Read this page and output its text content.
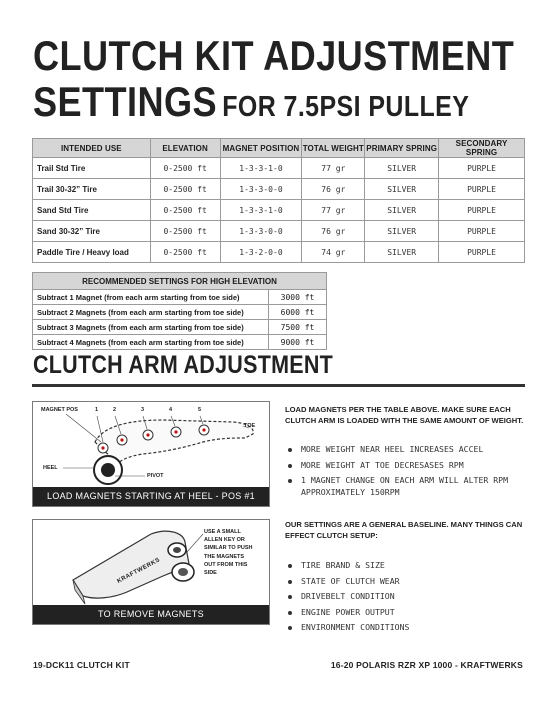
CLUTCH KIT ADJUSTMENT
SETTINGS FOR 7.5PSI PULLEY
INTENDED USE	ELEVATION	MAGNET POSITION	TOTAL WEIGHT	PRIMARY SPRING	SECONDARY SPRING
Trail Std Tire	0-2500 ft	1-3-3-1-0	77 gr	SILVER	PURPLE
Trail 30-32” Tire	0-2500 ft	1-3-3-0-0	76 gr	SILVER	PURPLE
Sand Std Tire	0-2500 ft	1-3-3-1-0	77 gr	SILVER	PURPLE
Sand 30-32” Tire	0-2500 ft	1-3-3-0-0	76 gr	SILVER	PURPLE
Paddle Tire / Heavy load	0-2500 ft	1-3-2-0-0	74 gr	SILVER	PURPLE
RECOMMENDED SETTINGS FOR HIGH ELEVATION	
Subtract 1 Magnet (from each arm starting from toe side)	3000 ft
Subtract 2 Magnets (from each arm starting from toe side)	6000 ft
Subtract 3 Magnets (from each arm starting from toe side)	7500 ft
Subtract 4 Magnets (from each arm starting from toe side)	9000 ft
CLUTCH ARM ADJUSTMENT
MAGNET POS	1	2	3	4	5
TOE
HEEL
PIVOT
LOAD MAGNETS STARTING AT HEEL - POS #1
KRAFTWERKS
USE A SMALL
ALLEN KEY OR
SIMILAR TO PUSH
THE MAGNETS
OUT FROM THIS
SIDE
TO REMOVE MAGNETS
LOAD MAGNETS PER THE TABLE ABOVE. MAKE SURE EACH CLUTCH ARM IS LOADED WITH THE SAME AMOUNT OF WEIGHT.
MORE WEIGHT NEAR HEEL INCREASES ACCEL
MORE WEIGHT AT TOE DECRESASES RPM
1 MAGNET CHANGE ON EACH ARM WILL ALTER RPM APPROXIMATELY 150RPM
OUR SETTINGS ARE A GENERAL BASELINE. MANY THINGS CAN EFFECT CLUTCH SETUP:
TIRE BRAND & SIZE
STATE OF CLUTCH WEAR
DRIVEBELT CONDITION
ENGINE POWER OUTPUT
ENVIRONMENT CONDITIONS
19-DCK11 CLUTCH KIT	16-20 POLARIS RZR XP 1000 - KRAFTWERKS
